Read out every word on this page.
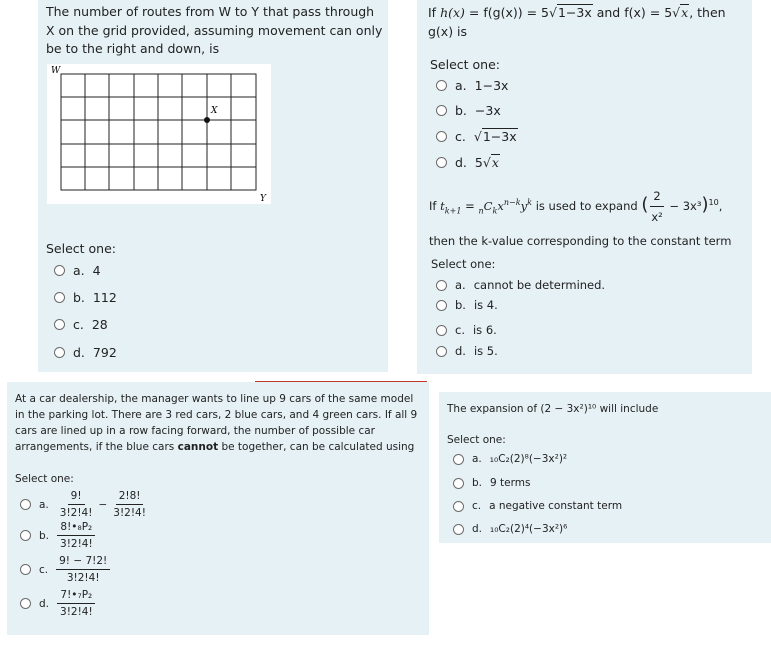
The number of routes from W to Y that pass through X on the grid provided, assuming movement can only be to the right and down, is
W
X
Y
Select one:
a. 4
b. 112
c. 28
d. 792
If h(x) = f(g(x)) = 5√1−3x and f(x) = 5√x, then
g(x) is
Select one:
a. 1−3x
b. −3x
c. √ 1−3x
d. 5 √ x
If $t_{k+1} = _nC_kx^{n-k}y^k$ is used to expand ( $\frac{2}{\text{x²}} - 3x^3)^{10}$,
then the k-value corresponding to the constant term
Select one:
a. cannot be determined.
b. is 4.
c. is 6.
d. is 5.
At a car dealership, the manager wants to line up 9 cars of the same model in the parking lot. There are 3 red cars, 2 blue cars, and 4 green cars. If all 9 cars are lined up in a row facing forward, the number of possible car arrangements, if the blue cars cannot be together, can be calculated using
Select one:
a. $\frac{9!}{3!2!4!} - \frac{2!8!}{3!2!4!}$
b. $\frac{\text{8!•₈P₂}}{3!2!4!}$
c. $\frac{9! - 7!2!}{3!2!4!}$
d. $\frac{\text{7!•₇P₂}}{3!2!4!}$
The expansion of (2 − 3x²)¹⁰ will include
Select one:
a. ₁₀C₂(2)⁸(−3x²)²
b. 9 terms
c. a negative constant term
d. ₁₀C₂(2)⁴(−3x²)⁶
